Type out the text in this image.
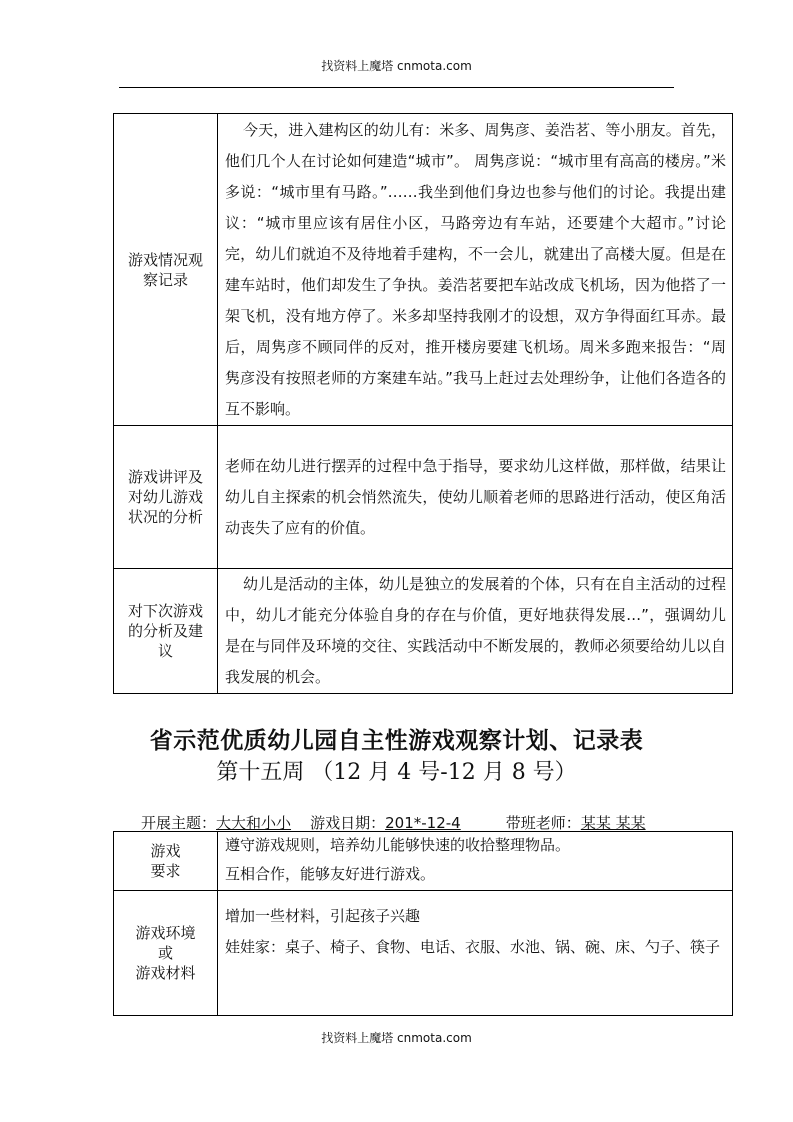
找资料上魔塔 cnmota.com
游戏情况观察记录	今天，进入建构区的幼儿有：米多、周隽彦、姜浩茗、等小朋友。首先，他们几个人在讨论如何建造“城市”。 周隽彦说：“城市里有高高的楼房。”米多说：“城市里有马路。”……我坐到他们身边也参与他们的讨论。我提出建议：“城市里应该有居住小区，马路旁边有车站，还要建个大超市。”讨论完，幼儿们就迫不及待地着手建构，不一会儿，就建出了高楼大厦。但是在建车站时，他们却发生了争执。姜浩茗要把车站改成飞机场，因为他搭了一架飞机，没有地方停了。米多却坚持我刚才的设想，双方争得面红耳赤。最后，周隽彦不顾同伴的反对，推开楼房要建飞机场。周米多跑来报告：“周隽彦没有按照老师的方案建车站。”我马上赶过去处理纷争，让他们各造各的互不影响。

游戏讲评及对幼儿游戏状况的分析	老师在幼儿进行摆弄的过程中急于指导，要求幼儿这样做，那样做，结果让幼儿自主探索的机会悄然流失，使幼儿顺着老师的思路进行活动，使区角活动丧失了应有的价值。

对下次游戏的分析及建议	幼儿是活动的主体，幼儿是独立的发展着的个体，只有在自主活动的过程中，幼儿才能充分体验自身的存在与价值，更好地获得发展…”，强调幼儿是在与同伴及环境的交往、实践活动中不断发展的，教师必须要给幼儿以自我发展的机会。
省示范优质幼儿园自主性游戏观察计划、记录表
第十五周 （12 月 4 号-12 月 8 号）
开展主题：大大和小小 游戏日期：201*-12-4	带班老师：某某 某某
游戏
要求	遵守游戏规则，培养幼儿能够快速的收拾整理物品。
互相合作，能够友好进行游戏。

游戏环境
或
游戏材料	增加一些材料，引起孩子兴趣
娃娃家：桌子、椅子、食物、电话、衣服、水池、锅、碗、床、勺子、筷子
找资料上魔塔 cnmota.com
